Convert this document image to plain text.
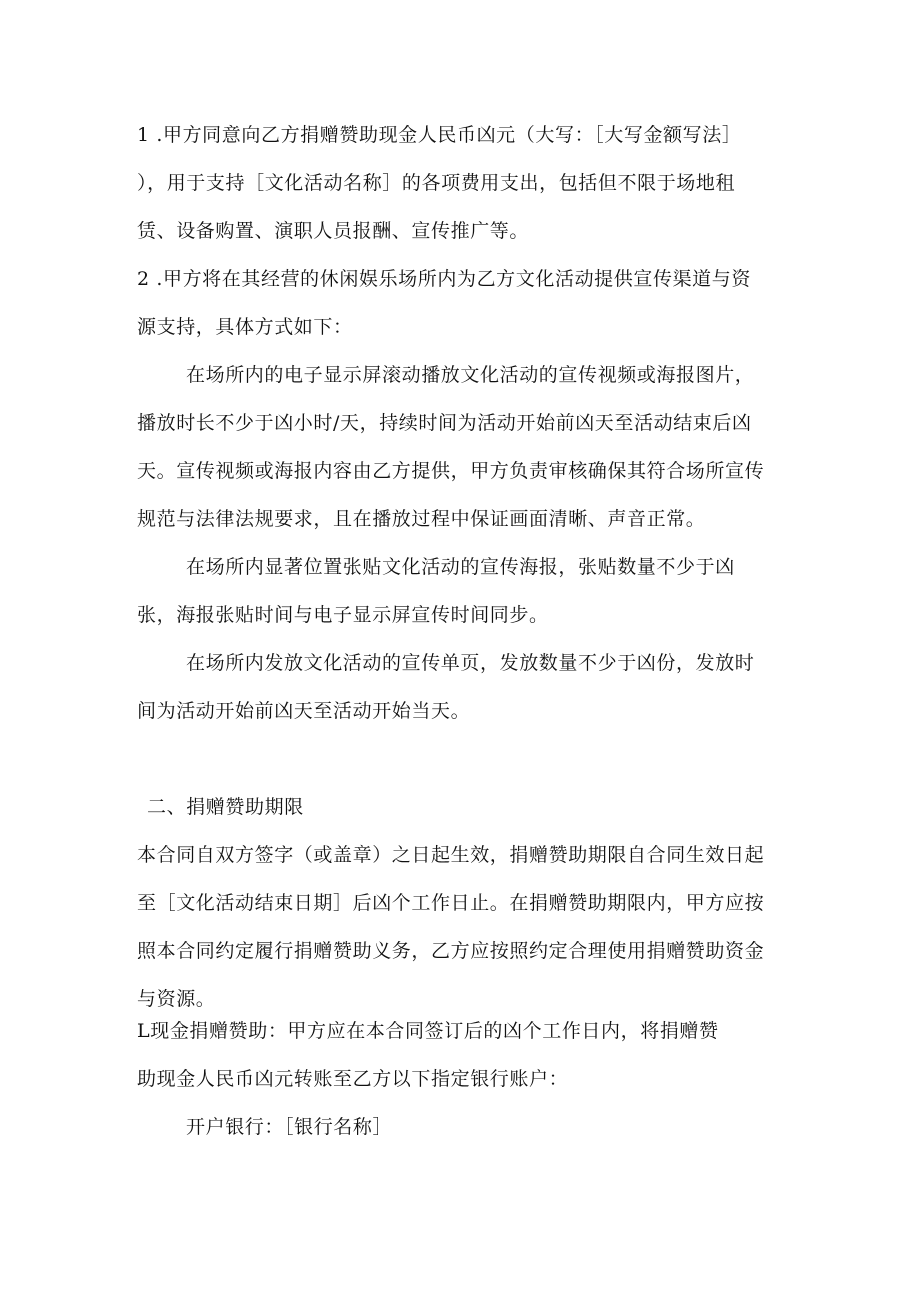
1 .甲方同意向乙方捐赠赞助现金人民币凶元（大写：［大写金额写法］
），用于支持［文化活动名称］的各项费用支出，包括但不限于场地租
赁、设备购置、演职人员报酬、宣传推广等。
2 .甲方将在其经营的休闲娱乐场所内为乙方文化活动提供宣传渠道与资
源支持，具体方式如下：
在场所内的电子显示屏滚动播放文化活动的宣传视频或海报图片，
播放时长不少于凶小时/天，持续时间为活动开始前凶天至活动结束后凶
天。宣传视频或海报内容由乙方提供，甲方负责审核确保其符合场所宣传
规范与法律法规要求，且在播放过程中保证画面清晰、声音正常。
在场所内显著位置张贴文化活动的宣传海报，张贴数量不少于凶
张，海报张贴时间与电子显示屏宣传时间同步。
在场所内发放文化活动的宣传单页，发放数量不少于凶份，发放时
间为活动开始前凶天至活动开始当天。
二、捐赠赞助期限
本合同自双方签字（或盖章）之日起生效，捐赠赞助期限自合同生效日起
至［文化活动结束日期］后凶个工作日止。在捐赠赞助期限内，甲方应按
照本合同约定履行捐赠赞助义务，乙方应按照约定合理使用捐赠赞助资金
与资源。
L现金捐赠赞助：甲方应在本合同签订后的凶个工作日内，将捐赠赞
助现金人民币凶元转账至乙方以下指定银行账户：
开户银行：［银行名称］
